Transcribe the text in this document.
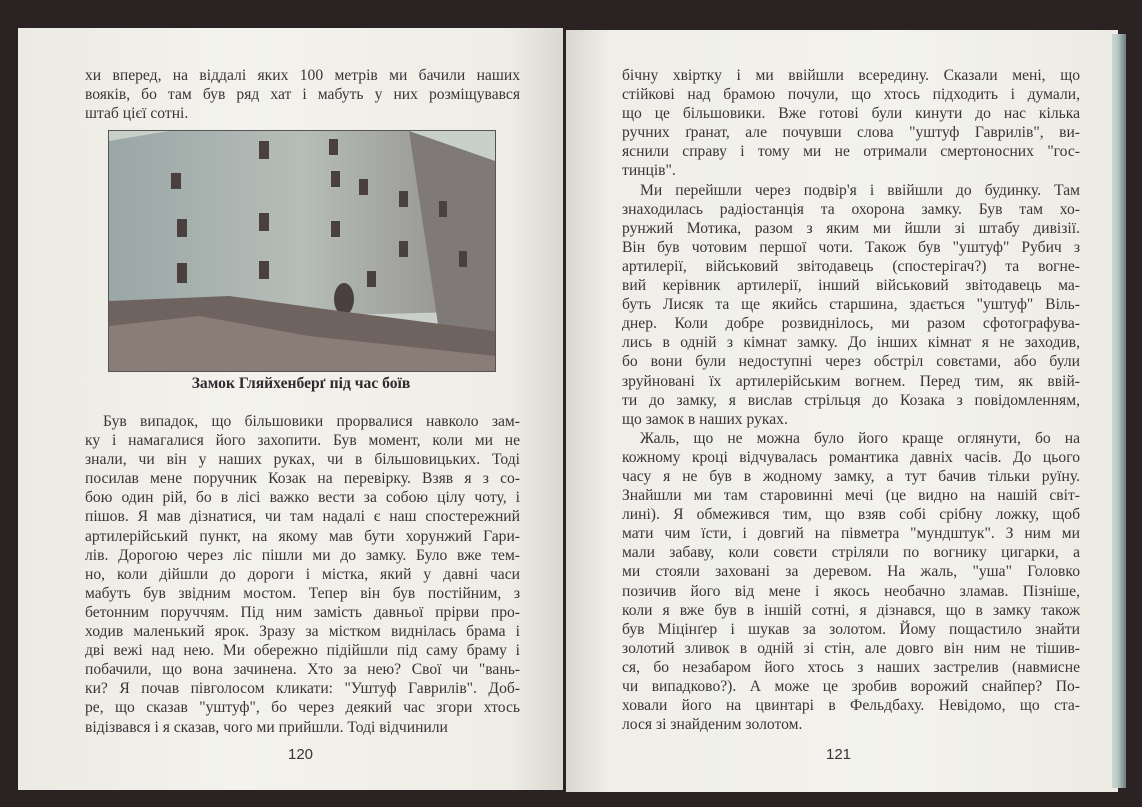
хи вперед, на віддалі яких 100 метрів ми бачили наших
вояків, бо там був ряд хат і мабуть у них розміщувався
штаб цієї сотні.
Замок Гляйхенберґ під час боїв
Був випадок, що більшовики прорвалися навколо зам-
ку і намагалися його захопити. Був момент, коли ми не
знали, чи він у наших руках, чи в більшовицьких. Тоді
посилав мене поручник Козак на перевірку. Взяв я з со-
бою один рій, бо в лісі важко вести за собою цілу чоту, і
пішов. Я мав дізнатися, чи там надалі є наш спостережний
артилерійський пункт, на якому мав бути хорунжий Гари-
лів. Дорогою через ліс пішли ми до замку. Було вже тем-
но, коли дійшли до дороги і містка, який у давні часи
мабуть був звідним мостом. Тепер він був постійним, з
бетонним поруччям. Під ним замість давньої прірви про-
ходив маленький ярок. Зразу за містком виднілась брама і
дві вежі над нею. Ми обережно підійшли під саму браму і
побачили, що вона зачинена. Хто за нею? Свої чи "вань-
ки? Я почав півголосом кликати: "Уштуф Гаврилів". Доб-
ре, що сказав "уштуф", бо через деякий час згори хтось
відізвався і я сказав, чого ми прийшли. Тоді відчинили
120
бічну хвіртку і ми ввійшли всередину. Сказали мені, що
стійкові над брамою почули, що хтось підходить і думали,
що це більшовики. Вже готові були кинути до нас кілька
ручних ґранат, але почувши слова "уштуф Гаврилів", ви-
яснили справу і тому ми не отримали смертоносних "гос-
тинців".
Ми перейшли через подвір'я і ввійшли до будинку. Там
знаходилась радіостанція та охорона замку. Був там хо-
рунжий Мотика, разом з яким ми йшли зі штабу дивізії.
Він був чотовим першої чоти. Також був "уштуф" Рубич з
артилерії, військовий звітодавець (спостерігач?) та вогне-
вий керівник артилерії, інший військовий звітодавець ма-
буть Лисяк та ще якийсь старшина, здається "уштуф" Віль-
днер. Коли добре розвиднілось, ми разом сфотографува-
лись в одній з кімнат замку. До інших кімнат я не заходив,
бо вони були недоступні через обстріл совєтами, або були
зруйновані їх артилерійським вогнем. Перед тим, як ввій-
ти до замку, я вислав стрільця до Козака з повідомленням,
що замок в наших руках.
Жаль, що не можна було його краще оглянути, бо на
кожному кроці відчувалась романтика давніх часів. До цього
часу я не був в жодному замку, а тут бачив тільки руїну.
Знайшли ми там старовинні мечі (це видно на нашій світ-
лині). Я обмежився тим, що взяв собі срібну ложку, щоб
мати чим їсти, і довгий на півметра "мундштук". З ним ми
мали забаву, коли совєти стріляли по вогнику цигарки, а
ми стояли заховані за деревом. На жаль, "уша" Головко
позичив його від мене і якось необачно зламав. Пізніше,
коли я вже був в іншій сотні, я дізнався, що в замку також
був Міцінґер і шукав за золотом. Йому пощастило знайти
золотий зливок в одній зі стін, але довго він ним не тішив-
ся, бо незабаром його хтось з наших застрелив (навмисне
чи випадково?). А може це зробив ворожий снайпер? По-
ховали його на цвинтарі в Фельдбаху. Невідомо, що ста-
лося зі знайденим золотом.
121
